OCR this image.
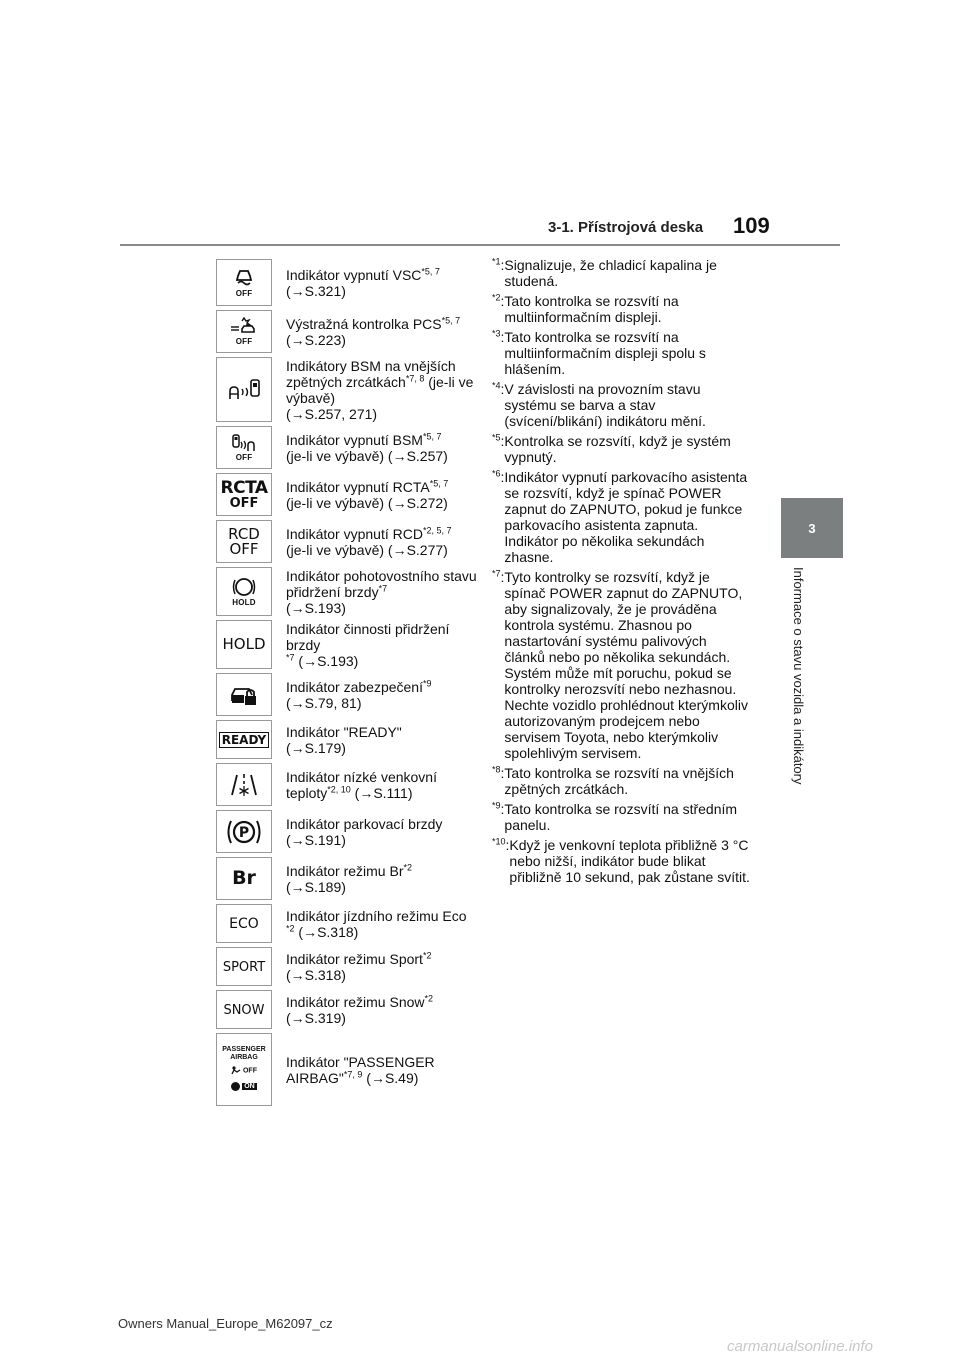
3-1. Přístrojová deska 109
3
Informace o stavu vozidla a indikátory
OFF	Indikátor vypnutí VSC$^{*5, 7}$
(→S.321)

OFF	Výstražná kontrolka PCS$^{*5, 7}$
(→S.223)

	Indikátory BSM na vnějších zpětných zrcátkách$^{*7, 8}$ (je-li ve výbavě)
(→S.257, 271)

OFF	Indikátor vypnutí BSM$^{*5, 7}$
(je-li ve výbavě) (→S.257)

RCTA
OFF	Indikátor vypnutí RCTA$^{*5, 7}$
(je-li ve výbavě) (→S.272)

RCD
OFF	Indikátor vypnutí RCD$^{*2, 5, 7}$
(je-li ve výbavě) (→S.277)

HOLD	Indikátor pohotovostního stavu přidržení brzdy$^{*7}$
(→S.193)

HOLD	Indikátor činnosti přidržení brzdy
$^{*7}$ (→S.193)

	Indikátor zabezpečení$^{*9}$
(→S.79, 81)

READY	Indikátor "READY"
(→S.179)

	Indikátor nízké venkovní teploty$^{*2, 10}$ (→S.111)

P	Indikátor parkovací brzdy
(→S.191)

Br	Indikátor režimu Br$^{*2}$
(→S.189)

ECO	Indikátor jízdního režimu Eco
$^{*2}$ (→S.318)

SPORT	Indikátor režimu Sport$^{*2}$
(→S.318)

SNOW	Indikátor režimu Snow$^{*2}$
(→S.319)

PASSENGER
AIRBAG
OFF
ON	Indikátor "PASSENGER AIRBAG"$^{*7, 9}$ (→S.49)
$^{*1}$: Signalizuje, že chladicí kapalina je studená.
$^{*2}$: Tato kontrolka se rozsvítí na multiinformačním displeji.
$^{*3}$: Tato kontrolka se rozsvítí na multiinformačním displeji spolu s hlášením.
$^{*4}$: V závislosti na provozním stavu systému se barva a stav (svícení/blikání) indikátoru mění.
$^{*5}$: Kontrolka se rozsvítí, když je systém vypnutý.
$^{*6}$: Indikátor vypnutí parkovacího asistenta se rozsvítí, když je spínač POWER zapnut do ZAPNUTO, pokud je funkce parkovacího asistenta zapnuta. Indikátor po několika sekundách zhasne.
$^{*7}$: Tyto kontrolky se rozsvítí, když je spínač POWER zapnut do ZAPNUTO, aby signalizovaly, že je prováděna kontrola systému. Zhasnou po nastartování systému palivových článků nebo po několika sekundách. Systém může mít poruchu, pokud se kontrolky nerozsvítí nebo nezhasnou. Nechte vozidlo prohlédnout kterýmkoliv autorizovaným prodejcem nebo servisem Toyota, nebo kterýmkoliv spolehlivým servisem.
$^{*8}$: Tato kontrolka se rozsvítí na vnějších zpětných zrcátkách.
$^{*9}$: Tato kontrolka se rozsvítí na středním panelu.
$^{*10}$: Když je venkovní teplota přibližně 3 °C nebo nižší, indikátor bude blikat přibližně 10 sekund, pak zůstane svítit.
Owners Manual_Europe_M62097_cz
carmanualsonline.info
